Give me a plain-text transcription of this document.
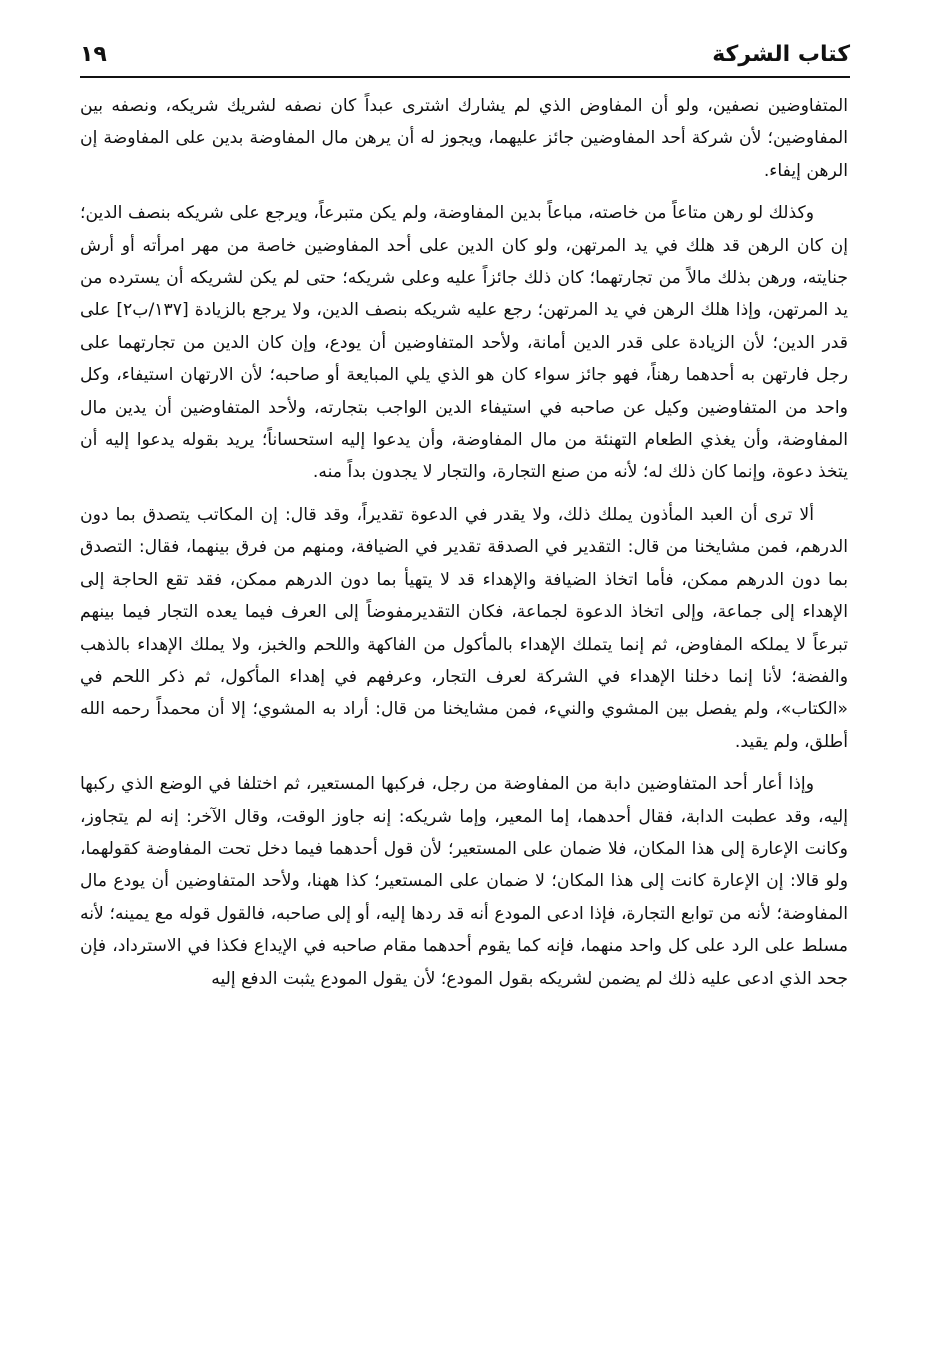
كتاب الشركة
١٩

المتفاوضين نصفين، ولو أن المفاوض الذي لم يشارك اشترى عبداً كان نصفه لشريك شريكه، ونصفه بين المفاوضين؛ لأن شركة أحد المفاوضين جائز عليهما، ويجوز له أن يرهن مال المفاوضة بدين على المفاوضة إن الرهن إيفاء.

وكذلك لو رهن متاعاً من خاصته، مباعاً بدين المفاوضة، ولم يكن متبرعاً، ويرجع على شريكه بنصف الدين؛ إن كان الرهن قد هلك في يد المرتهن، ولو كان الدين على أحد المفاوضين خاصة من مهر امرأته أو أرش جنايته، ورهن بذلك مالاً من تجارتهما؛ كان ذلك جائزاً عليه وعلى شريكه؛ حتى لم يكن لشريكه أن يسترده من يد المرتهن، وإذا هلك الرهن في يد المرتهن؛ رجع عليه شريكه بنصف الدين، ولا يرجع بالزيادة [١٣٧/ب٢] على قدر الدين؛ لأن الزيادة على قدر الدين أمانة، ولأحد المتفاوضين أن يودع، وإن كان الدين من تجارتهما على رجل فارتهن به أحدهما رهناً، فهو جائز سواء كان هو الذي يلي المبايعة أو صاحبه؛ لأن الارتهان استيفاء، وكل واحد من المتفاوضين وكيل عن صاحبه في استيفاء الدين الواجب بتجارته، ولأحد المتفاوضين أن يدين مال المفاوضة، وأن يغذي الطعام التهنئة من مال المفاوضة، وأن يدعوا إليه استحساناً؛ يريد بقوله يدعوا إليه أن يتخذ دعوة، وإنما كان ذلك له؛ لأنه من صنع التجارة، والتجار لا يجدون بداً منه.

ألا ترى أن العبد المأذون يملك ذلك، ولا يقدر في الدعوة تقديراً، وقد قال: إن المكاتب يتصدق بما دون الدرهم، فمن مشايخنا من قال: التقدير في الصدقة تقدير في الضيافة، ومنهم من فرق بينهما، فقال: التصدق بما دون الدرهم ممكن، فأما اتخاذ الضيافة والإهداء قد لا يتهيأ بما دون الدرهم ممكن، فقد تقع الحاجة إلى الإهداء إلى جماعة، وإلى اتخاذ الدعوة لجماعة، فكان التقديرمفوضاً إلى العرف فيما يعده التجار فيما بينهم تبرعاً لا يملكه المفاوض، ثم إنما يتملك الإهداء بالمأكول من الفاكهة واللحم والخبز، ولا يملك الإهداء بالذهب والفضة؛ لأنا إنما دخلنا الإهداء في الشركة لعرف التجار، وعرفهم في إهداء المأكول، ثم ذكر اللحم في «الكتاب»، ولم يفصل بين المشوي والنيء، فمن مشايخنا من قال: أراد به المشوي؛ إلا أن محمداً رحمه الله أطلق، ولم يقيد.

وإذا أعار أحد المتفاوضين دابة من المفاوضة من رجل، فركبها المستعير، ثم اختلفا في الوضع الذي ركبها إليه، وقد عطبت الدابة، فقال أحدهما، إما المعير، وإما شريكه: إنه جاوز الوقت، وقال الآخر: إنه لم يتجاوز، وكانت الإعارة إلى هذا المكان، فلا ضمان على المستعير؛ لأن قول أحدهما فيما دخل تحت المفاوضة كقولهما، ولو قالا: إن الإعارة كانت إلى هذا المكان؛ لا ضمان على المستعير؛ كذا ههنا، ولأحد المتفاوضين أن يودع مال المفاوضة؛ لأنه من توابع التجارة، فإذا ادعى المودع أنه قد ردها إليه، أو إلى صاحبه، فالقول قوله مع يمينه؛ لأنه مسلط على الرد على كل واحد منهما، فإنه كما يقوم أحدهما مقام صاحبه في الإيداع فكذا في الاسترداد، فإن جحد الذي ادعى عليه ذلك لم يضمن لشريكه بقول المودع؛ لأن يقول المودع يثبت الدفع إليه
